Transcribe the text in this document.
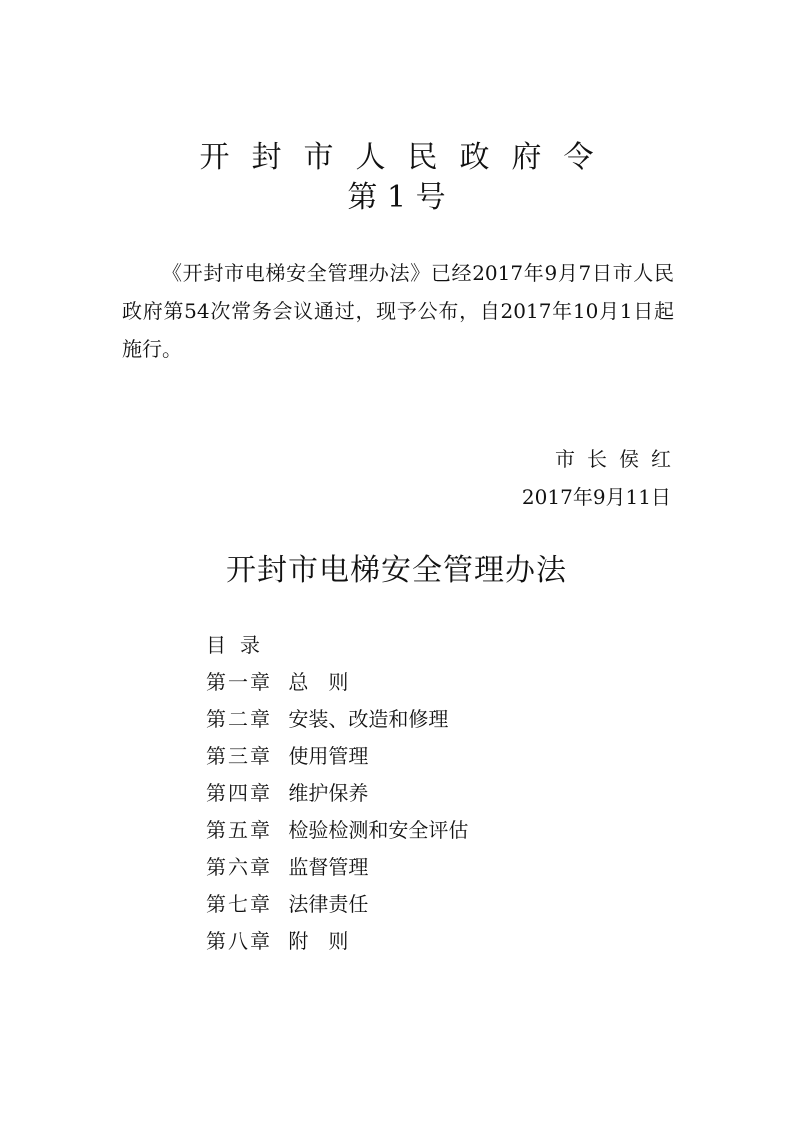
开封市人民政府令
第 1 号

《开封市电梯安全管理办法》已经2017年9月7日市人民政府第54次常务会议通过，现予公布，自2017年10月1日起施行。

市长侯红
2017年9月11日
开封市电梯安全管理办法
目录
第一章 总　则
第二章 安装、改造和修理
第三章 使用管理
第四章 维护保养
第五章 检验检测和安全评估
第六章 监督管理
第七章 法律责任
第八章 附　则
